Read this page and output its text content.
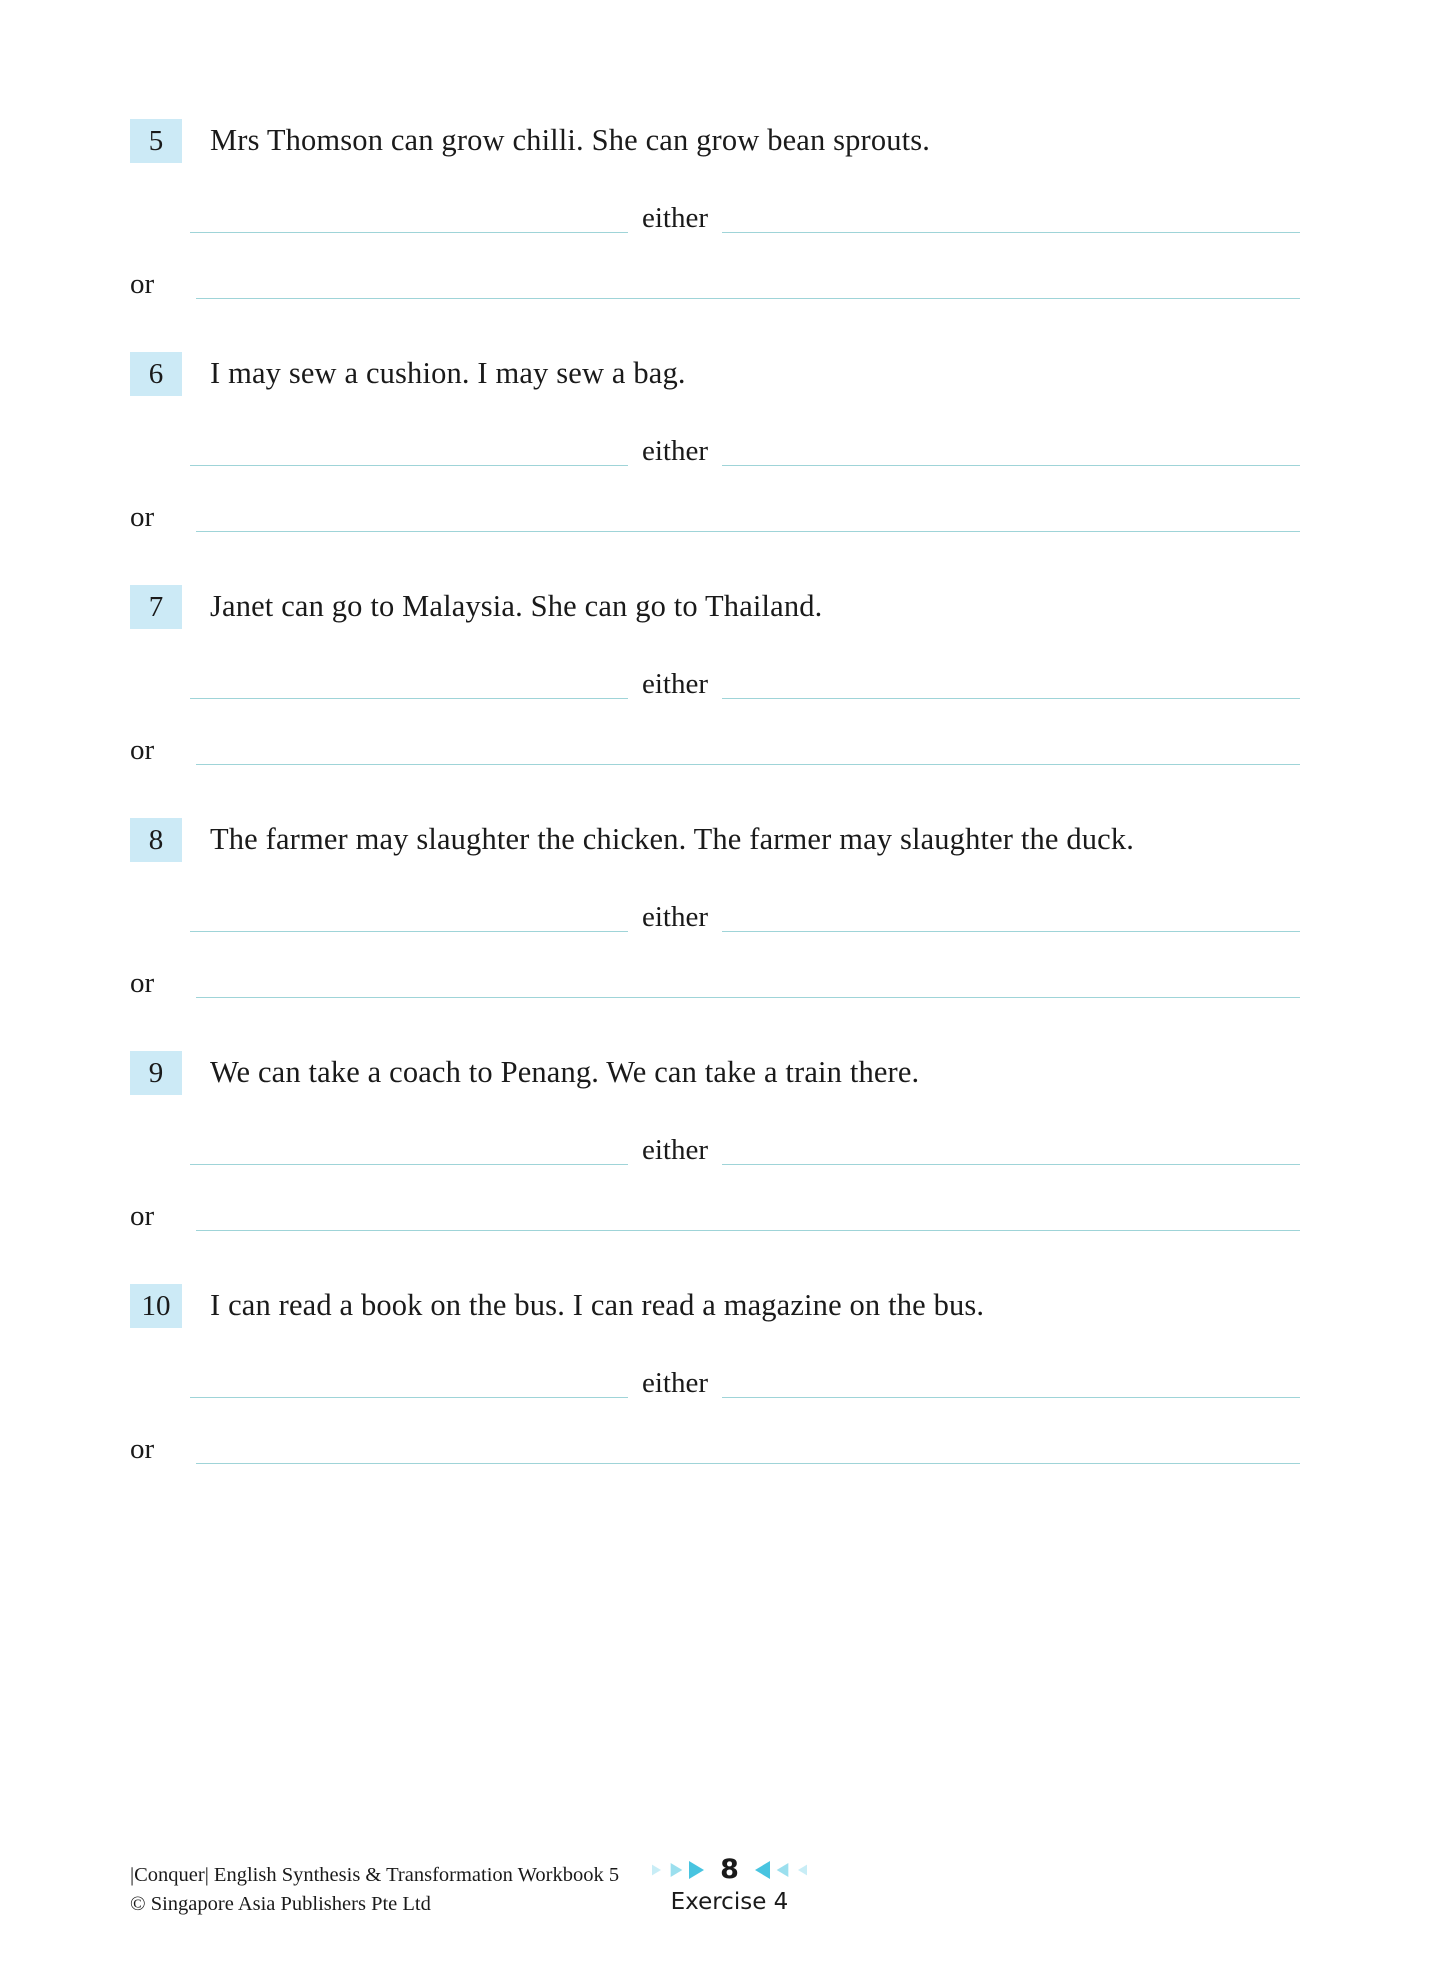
5	Mrs Thomson can grow chilli. She can grow bean sprouts.
either
or
6	I may sew a cushion. I may sew a bag.
either
or
7	Janet can go to Malaysia. She can go to Thailand.
either
or
8	The farmer may slaughter the chicken. The farmer may slaughter the duck.
either
or
9	We can take a coach to Penang. We can take a train there.
either
or
10	I can read a book on the bus. I can read a magazine on the bus.
either
or
|Conquer| English Synthesis & Transformation Workbook 5
© Singapore Asia Publishers Pte Ltd
8
Exercise 4
